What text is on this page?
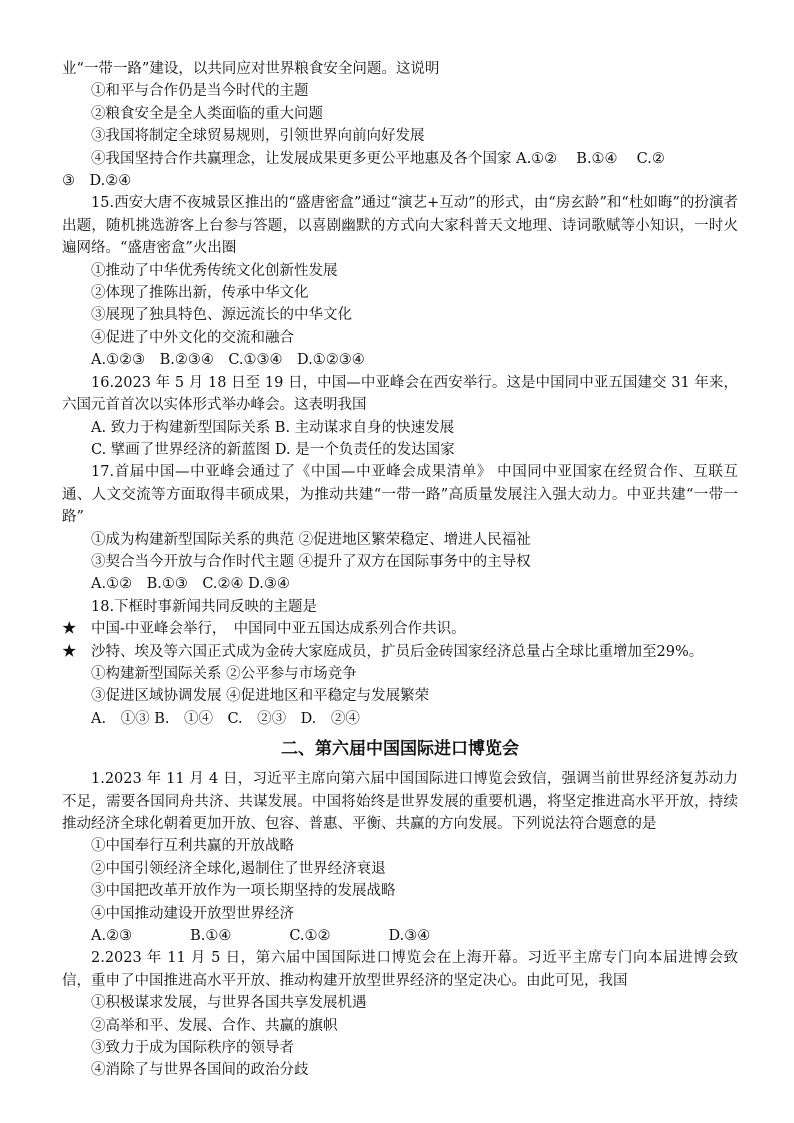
业“一带一路”建设，以共同应对世界粮食安全问题。这说明
①和平与合作仍是当今时代的主题
②粮食安全是全人类面临的重大问题
③我国将制定全球贸易规则，引领世界向前向好发展
④我国坚持合作共赢理念，让发展成果更多更公平地惠及各个国家 A.①②　 B.①④　 C.②
③　D.②④
15.西安大唐不夜城景区推出的“盛唐密盒”通过“演艺+互动”的形式，由“房玄龄”和“杜如晦”的扮演者出题，随机挑选游客上台参与答题，以喜剧幽默的方式向大家科普天文地理、诗词歌赋等小知识，一时火遍网络。“盛唐密盒”火出圈
①推动了中华优秀传统文化创新性发展
②体现了推陈出新，传承中华文化
③展现了独具特色、源远流长的中华文化
④促进了中外文化的交流和融合
A.①②③　B.②③④　C.①③④　D.①②③④
16.2023 年 5 月 18 日至 19 日，中国—中亚峰会在西安举行。这是中国同中亚五国建交 31 年来，六国元首首次以实体形式举办峰会。这表明我国
A. 致力于构建新型国际关系 B. 主动谋求自身的快速发展
C. 擘画了世界经济的新蓝图 D. 是一个负责任的发达国家
17.首届中国—中亚峰会通过了《中国—中亚峰会成果清单》 中国同中亚国家在经贸合作、互联互通、人文交流等方面取得丰硕成果，为推动共建“一带一路”高质量发展注入强大动力。中亚共建“一带一路”
①成为构建新型国际关系的典范 ②促进地区繁荣稳定、增进人民福祉
③契合当今开放与合作时代主题 ④提升了双方在国际事务中的主导权
A.①②　B.①③　C.②④ D.③④
18.下框时事新闻共同反映的主题是
★　中国-中亚峰会举行，　中国同中亚五国达成系列合作共识。
★　沙特、埃及等六国正式成为金砖大家庭成员，扩员后金砖国家经济总量占全球比重增加至29%。
①构建新型国际关系 ②公平参与市场竞争
③促进区域协调发展 ④促进地区和平稳定与发展繁荣
A.　①③ B.　①④　C.　②③　D.　②④
二、第六届中国国际进口博览会
1.2023 年 11 月 4 日，习近平主席向第六届中国国际进口博览会致信，强调当前世界经济复苏动力不足，需要各国同舟共济、共谋发展。中国将始终是世界发展的重要机遇，将坚定推进高水平开放，持续推动经济全球化朝着更加开放、包容、普惠、平衡、共赢的方向发展。下列说法符合题意的是
①中国奉行互利共赢的开放战略
②中国引领经济全球化,遏制住了世界经济衰退
③中国把改革开放作为一项长期坚持的发展战略
④中国推动建设开放型世界经济
A.②③　　　　B.①④　　　　C.①②　　　　D.③④
2.2023 年 11 月 5 日，第六届中国国际进口博览会在上海开幕。习近平主席专门向本届进博会致信，重申了中国推进高水平开放、推动构建开放型世界经济的坚定决心。由此可见，我国
①积极谋求发展，与世界各国共享发展机遇
②高举和平、发展、合作、共赢的旗帜
③致力于成为国际秩序的领导者
④消除了与世界各国间的政治分歧
